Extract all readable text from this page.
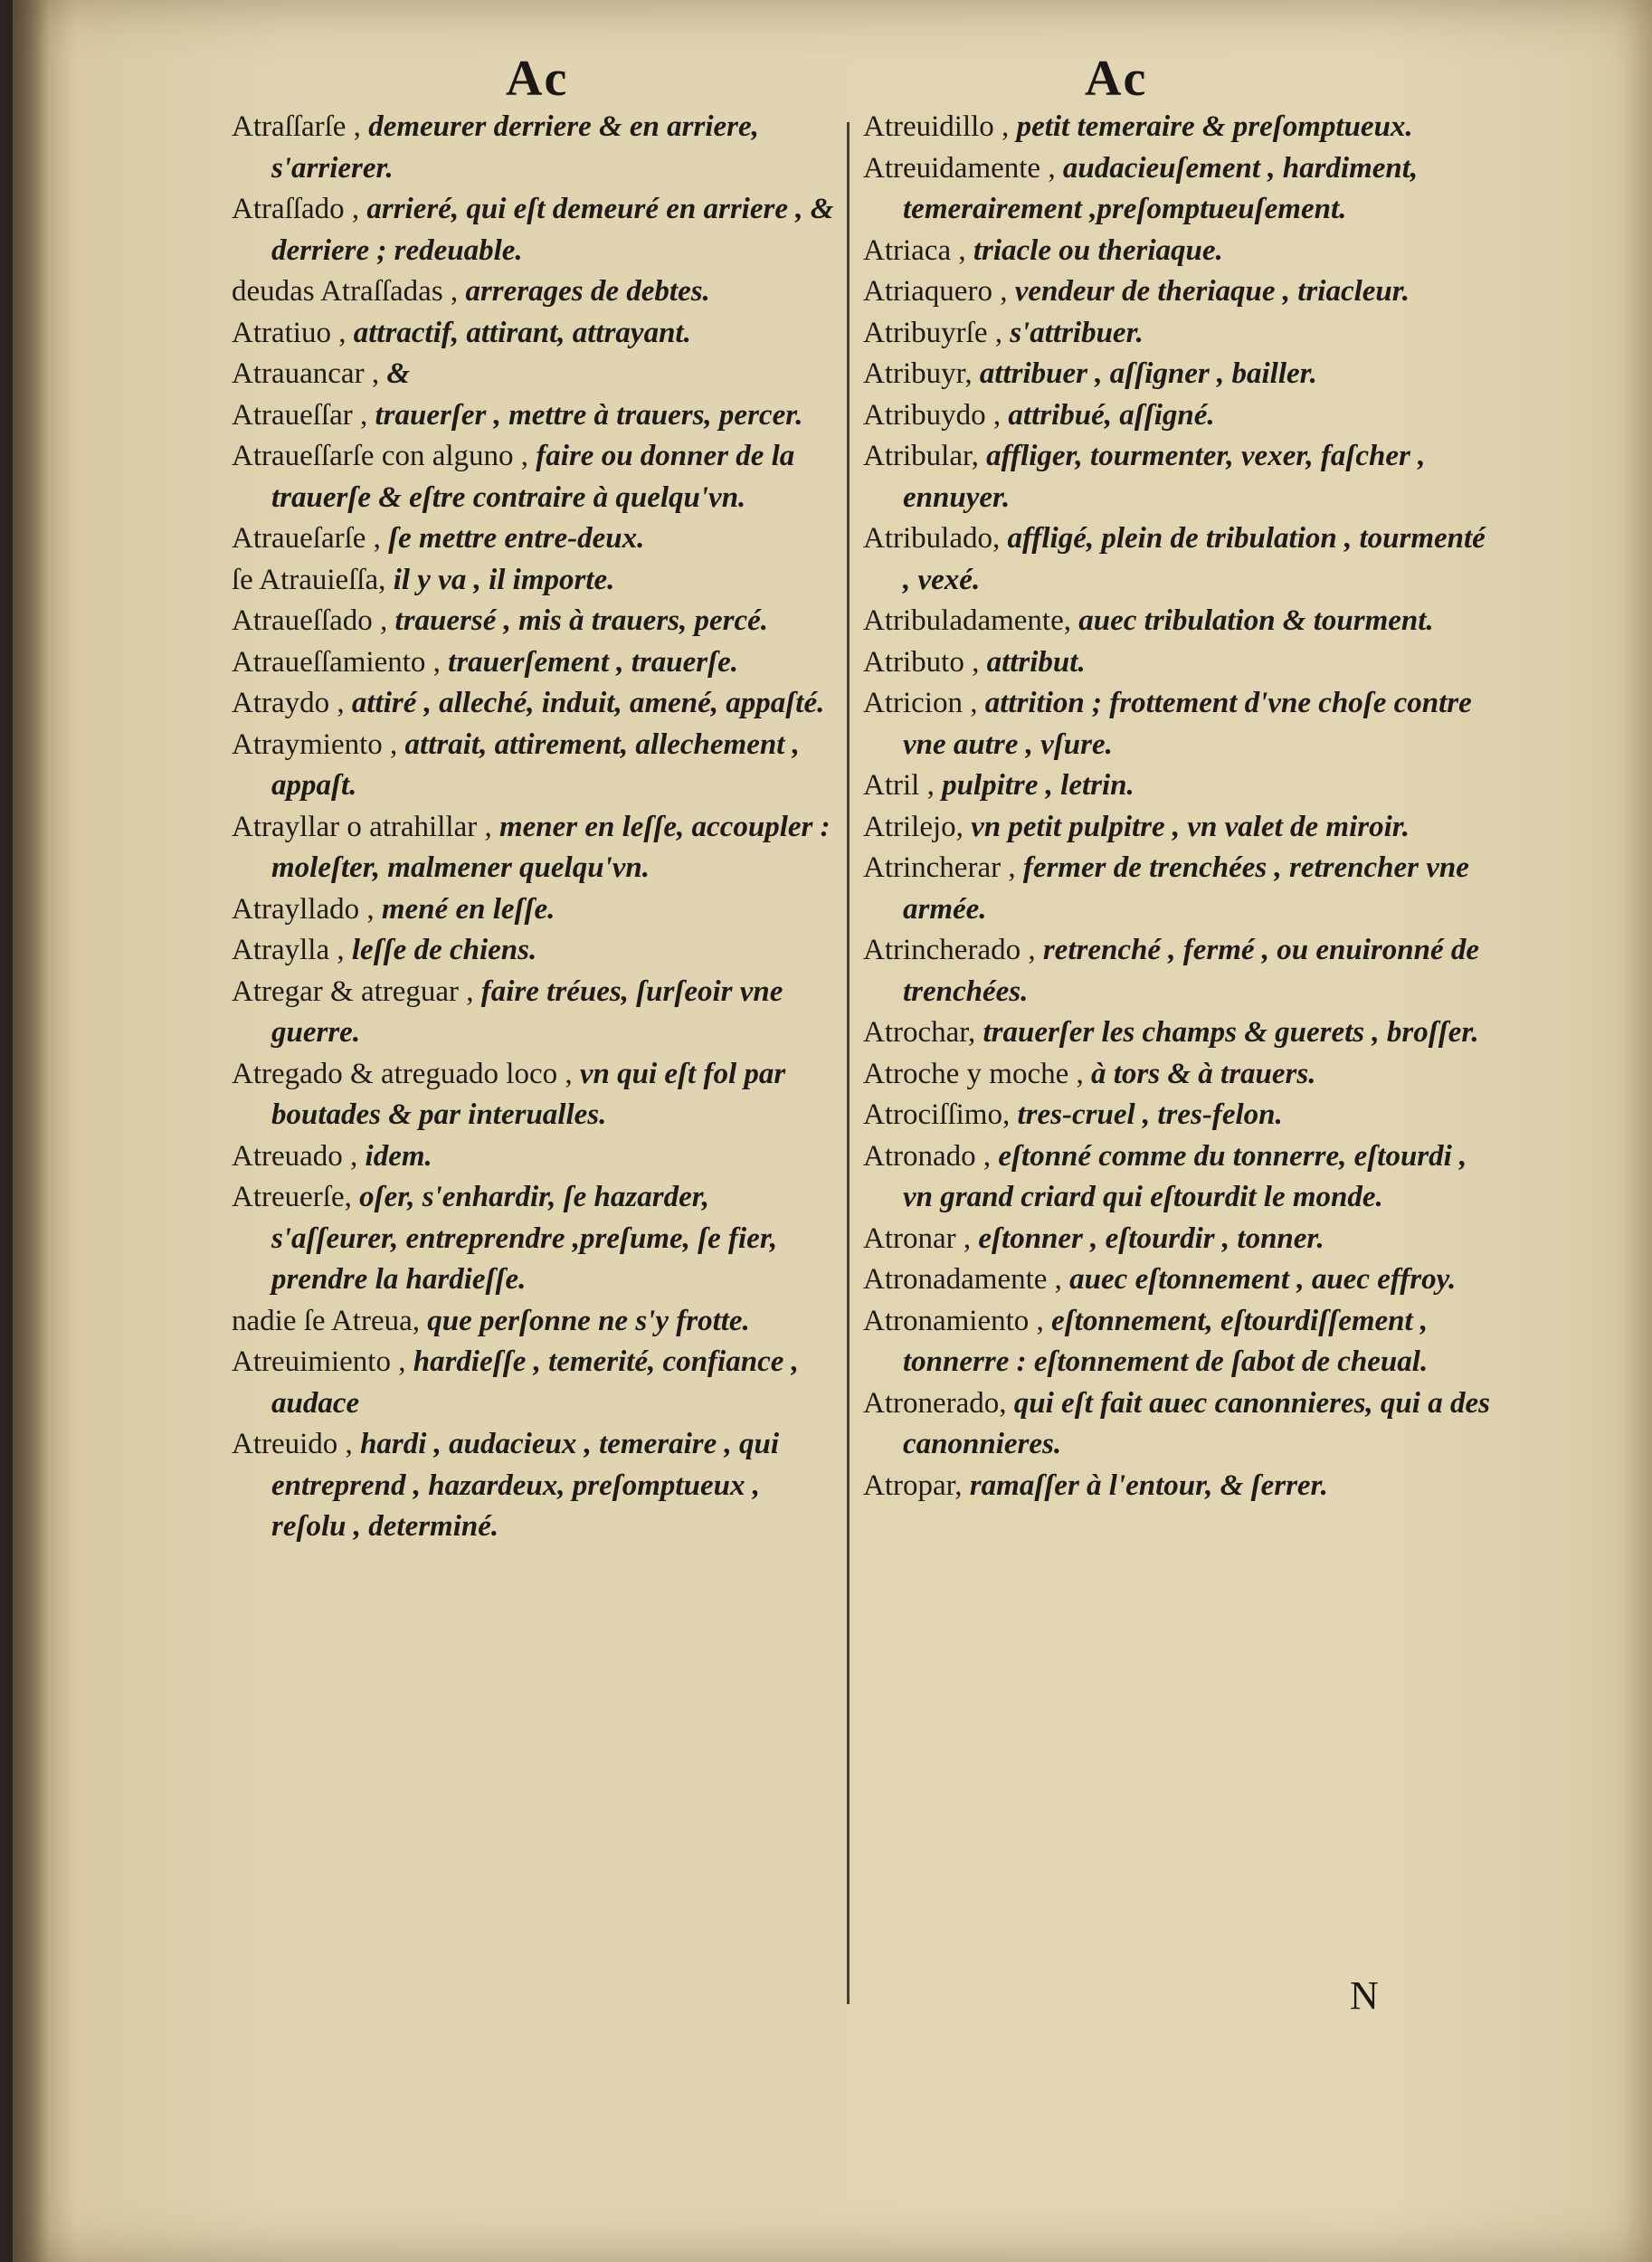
Ac	Ac

Atraſſarſe , demeurer derriere & en arriere, s'arrierer.

Atraſſado , arrieré, qui eſt demeuré en arriere , & derriere ; redeuable.

deudas Atraſſadas , arrerages de debtes.

Atratiuo , attractif, attirant, attrayant.

Atrauancar , &

Atraueſſar , trauerſer , mettre à trauers, percer.

Atraueſſarſe con alguno , faire ou donner de la trauerſe & eſtre contraire à quelqu'vn.

Atraueſarſe , ſe mettre entre-deux.

ſe Atrauieſſa, il y va , il importe.

Atraueſſado , trauersé , mis à trauers, percé.

Atraueſſamiento , trauerſement , trauerſe.

Atraydo , attiré , alleché, induit, amené, appaſté.

Atraymiento , attrait, attirement, allechement , appaſt.

Atrayllar o atrahillar , mener en leſſe, accoupler : moleſter, malmener quelqu'vn.

Atrayllado , mené en leſſe.

Atraylla , leſſe de chiens.

Atregar & atreguar , faire tréues, ſurſeoir vne guerre.

Atregado & atreguado loco , vn qui eſt fol par boutades & par interualles.

Atreuado , idem.

Atreuerſe, oſer, s'enhardir, ſe hazarder, s'aſſeurer, entreprendre ,preſume, ſe fier, prendre la hardieſſe.

nadie ſe Atreua, que perſonne ne s'y frotte.

Atreuimiento , hardieſſe , temerité, confiance , audace

Atreuido , hardi , audacieux , temeraire , qui entreprend , hazardeux, preſomptueux , reſolu , determiné.

Atreuidillo , petit temeraire & preſomptueux.

Atreuidamente , audacieuſement , hardiment, temerairement ,preſomptueuſement.

Atriaca , triacle ou theriaque.

Atriaquero , vendeur de theriaque , triacleur.

Atribuyrſe , s'attribuer.

Atribuyr, attribuer , aſſigner , bailler.

Atribuydo , attribué, aſſigné.

Atribular, affliger, tourmenter, vexer, faſcher , ennuyer.

Atribulado, affligé, plein de tribulation , tourmenté , vexé.

Atribuladamente, auec tribulation & tourment.

Atributo , attribut.

Atricion , attrition ; frottement d'vne choſe contre vne autre , vſure.

Atril , pulpitre , letrin.

Atrilejo, vn petit pulpitre , vn valet de miroir.

Atrincherar , fermer de trenchées , retrencher vne armée.

Atrincherado , retrenché , fermé , ou enuironné de trenchées.

Atrochar, trauerſer les champs & guerets , broſſer.

Atroche y moche , à tors & à trauers.

Atrociſſimo, tres-cruel , tres-felon.

Atronado , eſtonné comme du tonnerre, eſtourdi , vn grand criard qui eſtourdit le monde.

Atronar , eſtonner , eſtourdir , tonner.

Atronadamente , auec eſtonnement , auec effroy.

Atronamiento , eſtonnement, eſtourdiſſement , tonnerre : eſtonnement de ſabot de cheual.

Atronerado, qui eſt fait auec canonnieres, qui a des canonnieres.

Atropar, ramaſſer à l'entour, & ſerrer.

N
